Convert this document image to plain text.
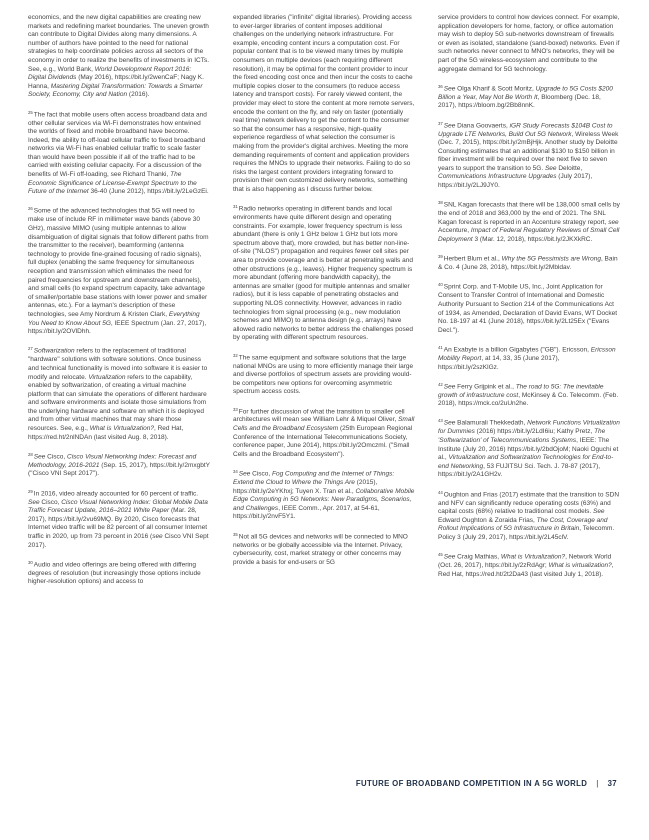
economics, and the new digital capabilities are creating new markets and redefining market boundaries. The uneven growth can contribute to Digital Divides along many dimensions. A number of authors have pointed to the need for national strategies to help coordinate policies across all sectors of the economy in order to realize the benefits of investments in ICTs. See, e.g., World Bank, World Development Report 2016: Digital Dividends (May 2016), https://bit.ly/2wenCaF; Nagy K. Hanna, Mastering Digital Transformation: Towards a Smarter Society, Economy, City and Nation (2016).

$^{25}$The fact that mobile users often access broadband data and other cellular services via Wi-Fi demonstrates how entwined the worlds of fixed and mobile broadband have become. Indeed, the ability to off-load cellular traffic to fixed broadband networks via Wi-Fi has enabled cellular traffic to scale faster than would have been possible if all of the traffic had to be carried with existing cellular capacity. For a discussion of the benefits of Wi-Fi off-loading, see Richard Thanki, The Economic Significance of License-Exempt Spectrum to the Future of the Internet 36-40 (June 2012), https://bit.ly/2LeGzEi.

$^{26}$Some of the advanced technologies that 5G will need to make use of include RF in millimeter wave bands (above 30 GHz), massive MIMO (using multiple antennas to allow disambiguation of digital signals that follow different paths from the transmitter to the receiver), beamforming (antenna technology to provide fine-grained focusing of radio signals), full duplex (enabling the same frequency for simultaneous reception and transmission which eliminates the need for paired frequencies for upstream and downstream channels), and small cells (to expand spectrum capacity, take advantage of smaller/portable base stations with lower power and smaller antennas, etc.). For a layman's description of these technologies, see Amy Nordrum & Kristen Clark, Everything You Need to Know About 5G, IEEE Spectrum (Jan. 27, 2017), https://bit.ly/2OVlDhh.

$^{27}$Softwarization refers to the replacement of traditional "hardware" solutions with software solutions. Once business and technical functionality is moved into software it is easier to modify and relocate. Virtualization refers to the capability, enabled by softwarization, of creating a virtual machine platform that can simulate the operations of different hardware and software environments and isolate those simulations from the underlying hardware and software on which it is deployed and from other virtual machines that may share those resources. See, e.g., What is Virtualization?, Red Hat, https://red.ht/2nlNDAn (last visited Aug. 8, 2018).

$^{28}$See Cisco, Cisco Visual Networking Index: Forecast and Methodology, 2016-2021 (Sep. 15, 2017), https://bit.ly/2mxgbtY ("Cisco VNI Sept 2017").

$^{29}$In 2016, video already accounted for 60 percent of traffic. See Cisco, Cisco Visual Networking Index: Global Mobile Data Traffic Forecast Update, 2016–2021 White Paper (Mar. 28, 2017), https://bit.ly/2vu69MQ. By 2020, Cisco forecasts that Internet video traffic will be 82 percent of all consumer Internet traffic in 2020, up from 73 percent in 2016 (see Cisco VNI Sept 2017).

$^{30}$Audio and video offerings are being offered with differing degrees of resolution (but increasingly those options include higher-resolution options) and access to

expanded libraries ("infinite" digital libraries). Providing access to ever-larger libraries of content imposes additional challenges on the underlying network infrastructure. For example, encoding content incurs a computation cost. For popular content that is to be viewed many times by multiple consumers on multiple devices (each requiring different resolution), it may be optimal for the content provider to incur the fixed encoding cost once and then incur the costs to cache multiple copies closer to the consumers (to reduce access latency and transport costs). For rarely viewed content, the provider may elect to store the content at more remote servers, encode the content on the fly, and rely on faster (potentially real time) network delivery to get the content to the consumer so that the consumer has a responsive, high-quality experience regardless of what selection the consumer is making from the provider's digital archives. Meeting the more demanding requirements of content and application providers requires the MNOs to upgrade their networks. Failing to do so risks the largest content providers integrating forward to provision their own customized delivery networks, something that is also happening as I discuss further below.

$^{31}$Radio networks operating in different bands and local environments have quite different design and operating constraints. For example, lower frequency spectrum is less abundant (there is only 1 GHz below 1 GHz but lots more spectrum above that), more crowded, but has better non-line-of-site ("NLOS") propagation and requires fewer cell sites per area to provide coverage and is better at penetrating walls and other obstructions (e.g., leaves). Higher frequency spectrum is more abundant (offering more bandwidth capacity), the antennas are smaller (good for multiple antennas and smaller radios), but it is less capable of penetrating obstacles and supporting NLOS connectivity. However, advances in radio technologies from signal processing (e.g., new modulation schemes and MIMO) to antenna design (e.g., arrays) have allowed radio networks to better address the challenges posed by operating with different spectrum resources.

$^{32}$The same equipment and software solutions that the large national MNOs are using to more efficiently manage their large and diverse portfolios of spectrum assets are providing would-be competitors new options for overcoming asymmetric spectrum access costs.

$^{33}$For further discussion of what the transition to smaller cell architectures will mean see William Lehr & Miquel Oliver, Small Cells and the Broadband Ecosystem (25th European Regional Conference of the International Telecommunications Society, conference paper, June 2014), https://bit.ly/2Omczml. ("Small Cells and the Broadband Ecosystem").

$^{34}$See Cisco, Fog Computing and the Internet of Things: Extend the Cloud to Where the Things Are (2015), https://bit.ly/2eYKhxj; Tuyen X. Tran et al., Collaborative Mobile Edge Computing in 5G Networks: New Paradigms, Scenarios, and Challenges, IEEE Comm., Apr. 2017, at 54-61, https://bit.ly/2nvF5Y1.

$^{35}$Not all 5G devices and networks will be connected to MNO networks or be globally accessible via the Internet. Privacy, cybersecurity, cost, market strategy or other concerns may provide a basis for end-users or 5G

service providers to control how devices connect. For example, application developers for home, factory, or office automation may wish to deploy 5G sub-networks downstream of firewalls or even as isolated, standalone (sand-boxed) networks. Even if such networks never connect to MNO's networks, they will be part of the 5G wireless-ecosystem and contribute to the aggregate demand for 5G technology.

$^{36}$See Olga Kharif & Scott Moritz, Upgrade to 5G Costs $200 Billion a Year, May Not Be Worth It, Bloomberg (Dec. 18, 2017), https://bloom.bg/2Bb8nnK.

$^{37}$See Diana Goovaerts, iGR Study Forecasts $104B Cost to Upgrade LTE Networks, Build Out 5G Network, Wireless Week (Dec. 7, 2015), https://bit.ly/2mBjHjk. Another study by Deloitte Consulting estimates that an additional $130 to $150 billion in fiber investment will be required over the next five to seven years to support the transition to 5G. See Deloitte, Communications Infrastructure Upgrades (July 2017), https://bit.ly/2LJ9JY0.

$^{38}$SNL Kagan forecasts that there will be 138,000 small cells by the end of 2018 and 363,000 by the end of 2021. The SNL Kagan forecast is reported in an Accenture strategy report, see Accenture, Impact of Federal Regulatory Reviews of Small Cell Deployment 3 (Mar. 12, 2018), https://bit.ly/2JKXkRC.

$^{39}$Herbert Blum et al., Why the 5G Pessimists are Wrong, Bain & Co. 4 (June 28, 2018), https://bit.ly/2Mbldav.

$^{40}$Sprint Corp. and T-Mobile US, Inc., Joint Application for Consent to Transfer Control of International and Domestic Authority Pursuant to Section 214 of the Communications Act of 1934, as Amended, Declaration of David Evans, WT Docket No. 18-197 at 41 (June 2018), https://bit.ly/2Lt25Ex ("Evans Decl.").

$^{41}$An Exabyte is a billion Gigabytes ("GB"). Ericsson, Ericsson Mobility Report, at 14, 33, 35 (June 2017), https://bit.ly/2szKlGz.

$^{42}$See Ferry Grijpink et al., The road to 5G: The inevitable growth of infrastructure cost, McKinsey & Co. Telecomm. (Feb. 2018), https://mck.co/2uUn2he.

$^{43}$See Balamurali Thekkedath, Network Functions Virtualization for Dummies (2016) https://bit.ly/2LdI6iu; Kathy Pretz, The 'Softwarization' of Telecommunications Systems, IEEE: The Institute (July 20, 2016) https://bit.ly/2bdOjoM; Naoki Oguchi et al., Virtualization and Softwarization Technologies for End-to-end Networking, 53 FUJITSU Sci. Tech. J. 78-87 (2017), https://bit.ly/2A1GH2v.

$^{44}$Oughton and Frias (2017) estimate that the transition to SDN and NFV can significantly reduce operating costs (63%) and capital costs (68%) relative to traditional cost models. See Edward Oughton & Zoraida Frias, The Cost, Coverage and Rollout Implications of 5G Infrastructure in Britain, Telecomm. Policy 3 (July 29, 2017), https://bit.ly/2L45clV.

$^{45}$See Craig Mathias, What is Virtualization?, Network World (Oct. 26, 2017), https://bit.ly/2zRdAgr; What is virtualization?, Red Hat, https://red.ht/2t2Da43 (last visited July 1, 2018).

FUTURE OF BROADBAND COMPETITION IN A 5G WORLD | 37
